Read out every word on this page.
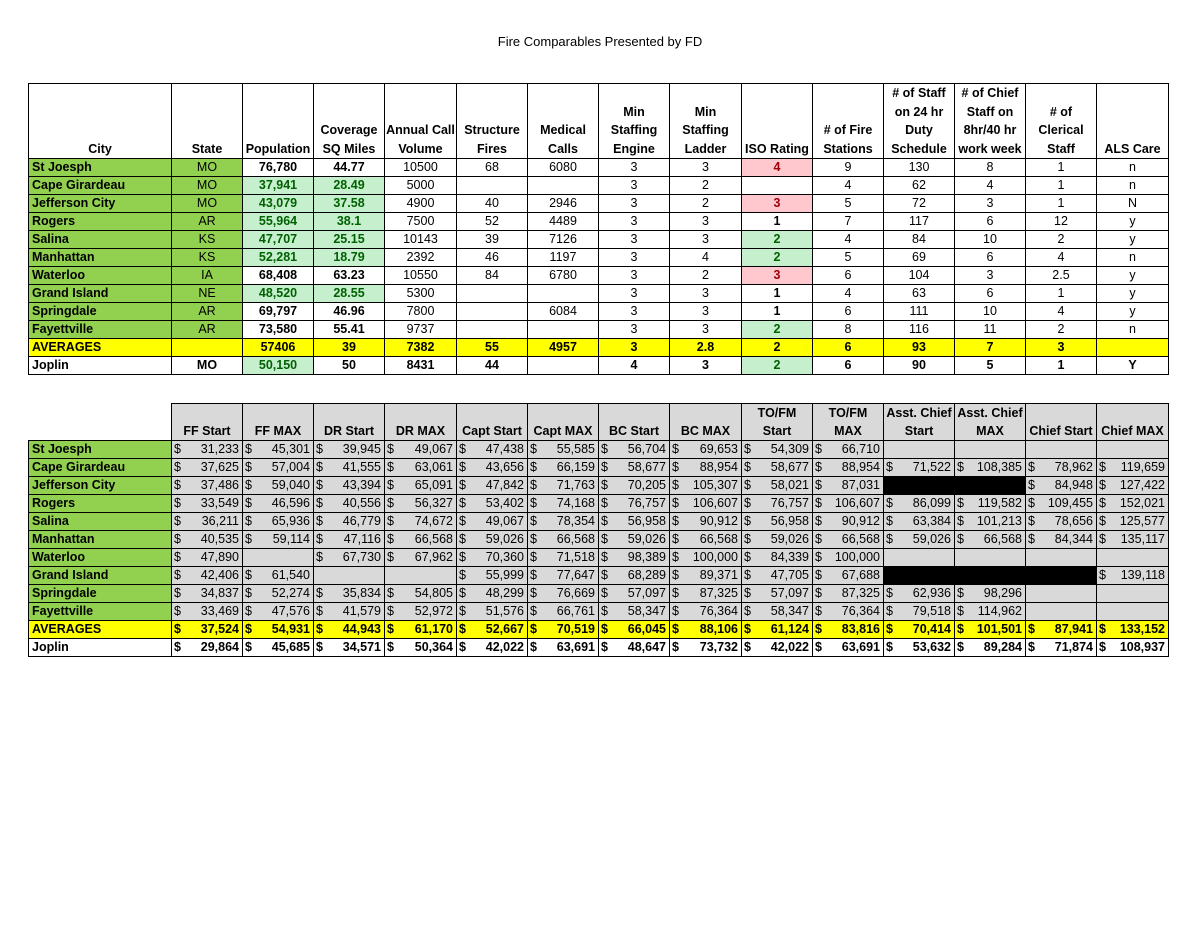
Fire Comparables Presented by FD
City	State	Population	Coverage SQ Miles	Annual Call Volume	Structure Fires	Medical Calls	Min Staffing Engine	Min Staffing Ladder	ISO Rating	# of Fire Stations	# of Staff on 24 hr Duty Schedule	# of Chief Staff on 8hr/40 hr work week	# of Clerical Staff	ALS Care
St Joesph	MO	76,780	44.77	10500	68	6080	3	3	4	9	130	8	1	n
Cape Girardeau	MO	37,941	28.49	5000			3	2		4	62	4	1	n
Jefferson City	MO	43,079	37.58	4900	40	2946	3	2	3	5	72	3	1	N
Rogers	AR	55,964	38.1	7500	52	4489	3	3	1	7	117	6	12	y
Salina	KS	47,707	25.15	10143	39	7126	3	3	2	4	84	10	2	y
Manhattan	KS	52,281	18.79	2392	46	1197	3	4	2	5	69	6	4	n
Waterloo	IA	68,408	63.23	10550	84	6780	3	2	3	6	104	3	2.5	y
Grand Island	NE	48,520	28.55	5300			3	3	1	4	63	6	1	y
Springdale	AR	69,797	46.96	7800		6084	3	3	1	6	111	10	4	y
Fayettville	AR	73,580	55.41	9737			3	3	2	8	116	11	2	n
AVERAGES		57406	39	7382	55	4957	3	2.8	2	6	93	7	3	
Joplin	MO	50,150	50	8431	44		4	3	2	6	90	5	1	Y
	FF Start	FF MAX	DR Start	DR MAX	Capt Start	Capt MAX	BC Start	BC MAX	TO/FM Start	TO/FM MAX	Asst. Chief Start	Asst. Chief MAX	Chief Start	Chief MAX
St Joesph	$ 31,233	$ 45,301	$ 39,945	$ 49,067	$ 47,438	$ 55,585	$ 56,704	$ 69,653	$ 54,309	$ 66,710				
Cape Girardeau	$ 37,625	$ 57,004	$ 41,555	$ 63,061	$ 43,656	$ 66,159	$ 58,677	$ 88,954	$ 58,677	$ 88,954	$ 71,522	$ 108,385	$ 78,962	$ 119,659
Jefferson City	$ 37,486	$ 59,040	$ 43,394	$ 65,091	$ 47,842	$ 71,763	$ 70,205	$ 105,307	$ 58,021	$ 87,031			$ 84,948	$ 127,422
Rogers	$ 33,549	$ 46,596	$ 40,556	$ 56,327	$ 53,402	$ 74,168	$ 76,757	$ 106,607	$ 76,757	$ 106,607	$ 86,099	$ 119,582	$ 109,455	$ 152,021
Salina	$ 36,211	$ 65,936	$ 46,779	$ 74,672	$ 49,067	$ 78,354	$ 56,958	$ 90,912	$ 56,958	$ 90,912	$ 63,384	$ 101,213	$ 78,656	$ 125,577
Manhattan	$ 40,535	$ 59,114	$ 47,116	$ 66,568	$ 59,026	$ 66,568	$ 59,026	$ 66,568	$ 59,026	$ 66,568	$ 59,026	$ 66,568	$ 84,344	$ 135,117
Waterloo	$ 47,890		$ 67,730	$ 67,962	$ 70,360	$ 71,518	$ 98,389	$ 100,000	$ 84,339	$ 100,000				
Grand Island	$ 42,406	$ 61,540			$ 55,999	$ 77,647	$ 68,289	$ 89,371	$ 47,705	$ 67,688				$ 139,118
Springdale	$ 34,837	$ 52,274	$ 35,834	$ 54,805	$ 48,299	$ 76,669	$ 57,097	$ 87,325	$ 57,097	$ 87,325	$ 62,936	$ 98,296		
Fayettville	$ 33,469	$ 47,576	$ 41,579	$ 52,972	$ 51,576	$ 66,761	$ 58,347	$ 76,364	$ 58,347	$ 76,364	$ 79,518	$ 114,962		
AVERAGES	$ 37,524	$ 54,931	$ 44,943	$ 61,170	$ 52,667	$ 70,519	$ 66,045	$ 88,106	$ 61,124	$ 83,816	$ 70,414	$ 101,501	$ 87,941	$ 133,152
Joplin	$ 29,864	$ 45,685	$ 34,571	$ 50,364	$ 42,022	$ 63,691	$ 48,647	$ 73,732	$ 42,022	$ 63,691	$ 53,632	$ 89,284	$ 71,874	$ 108,937
